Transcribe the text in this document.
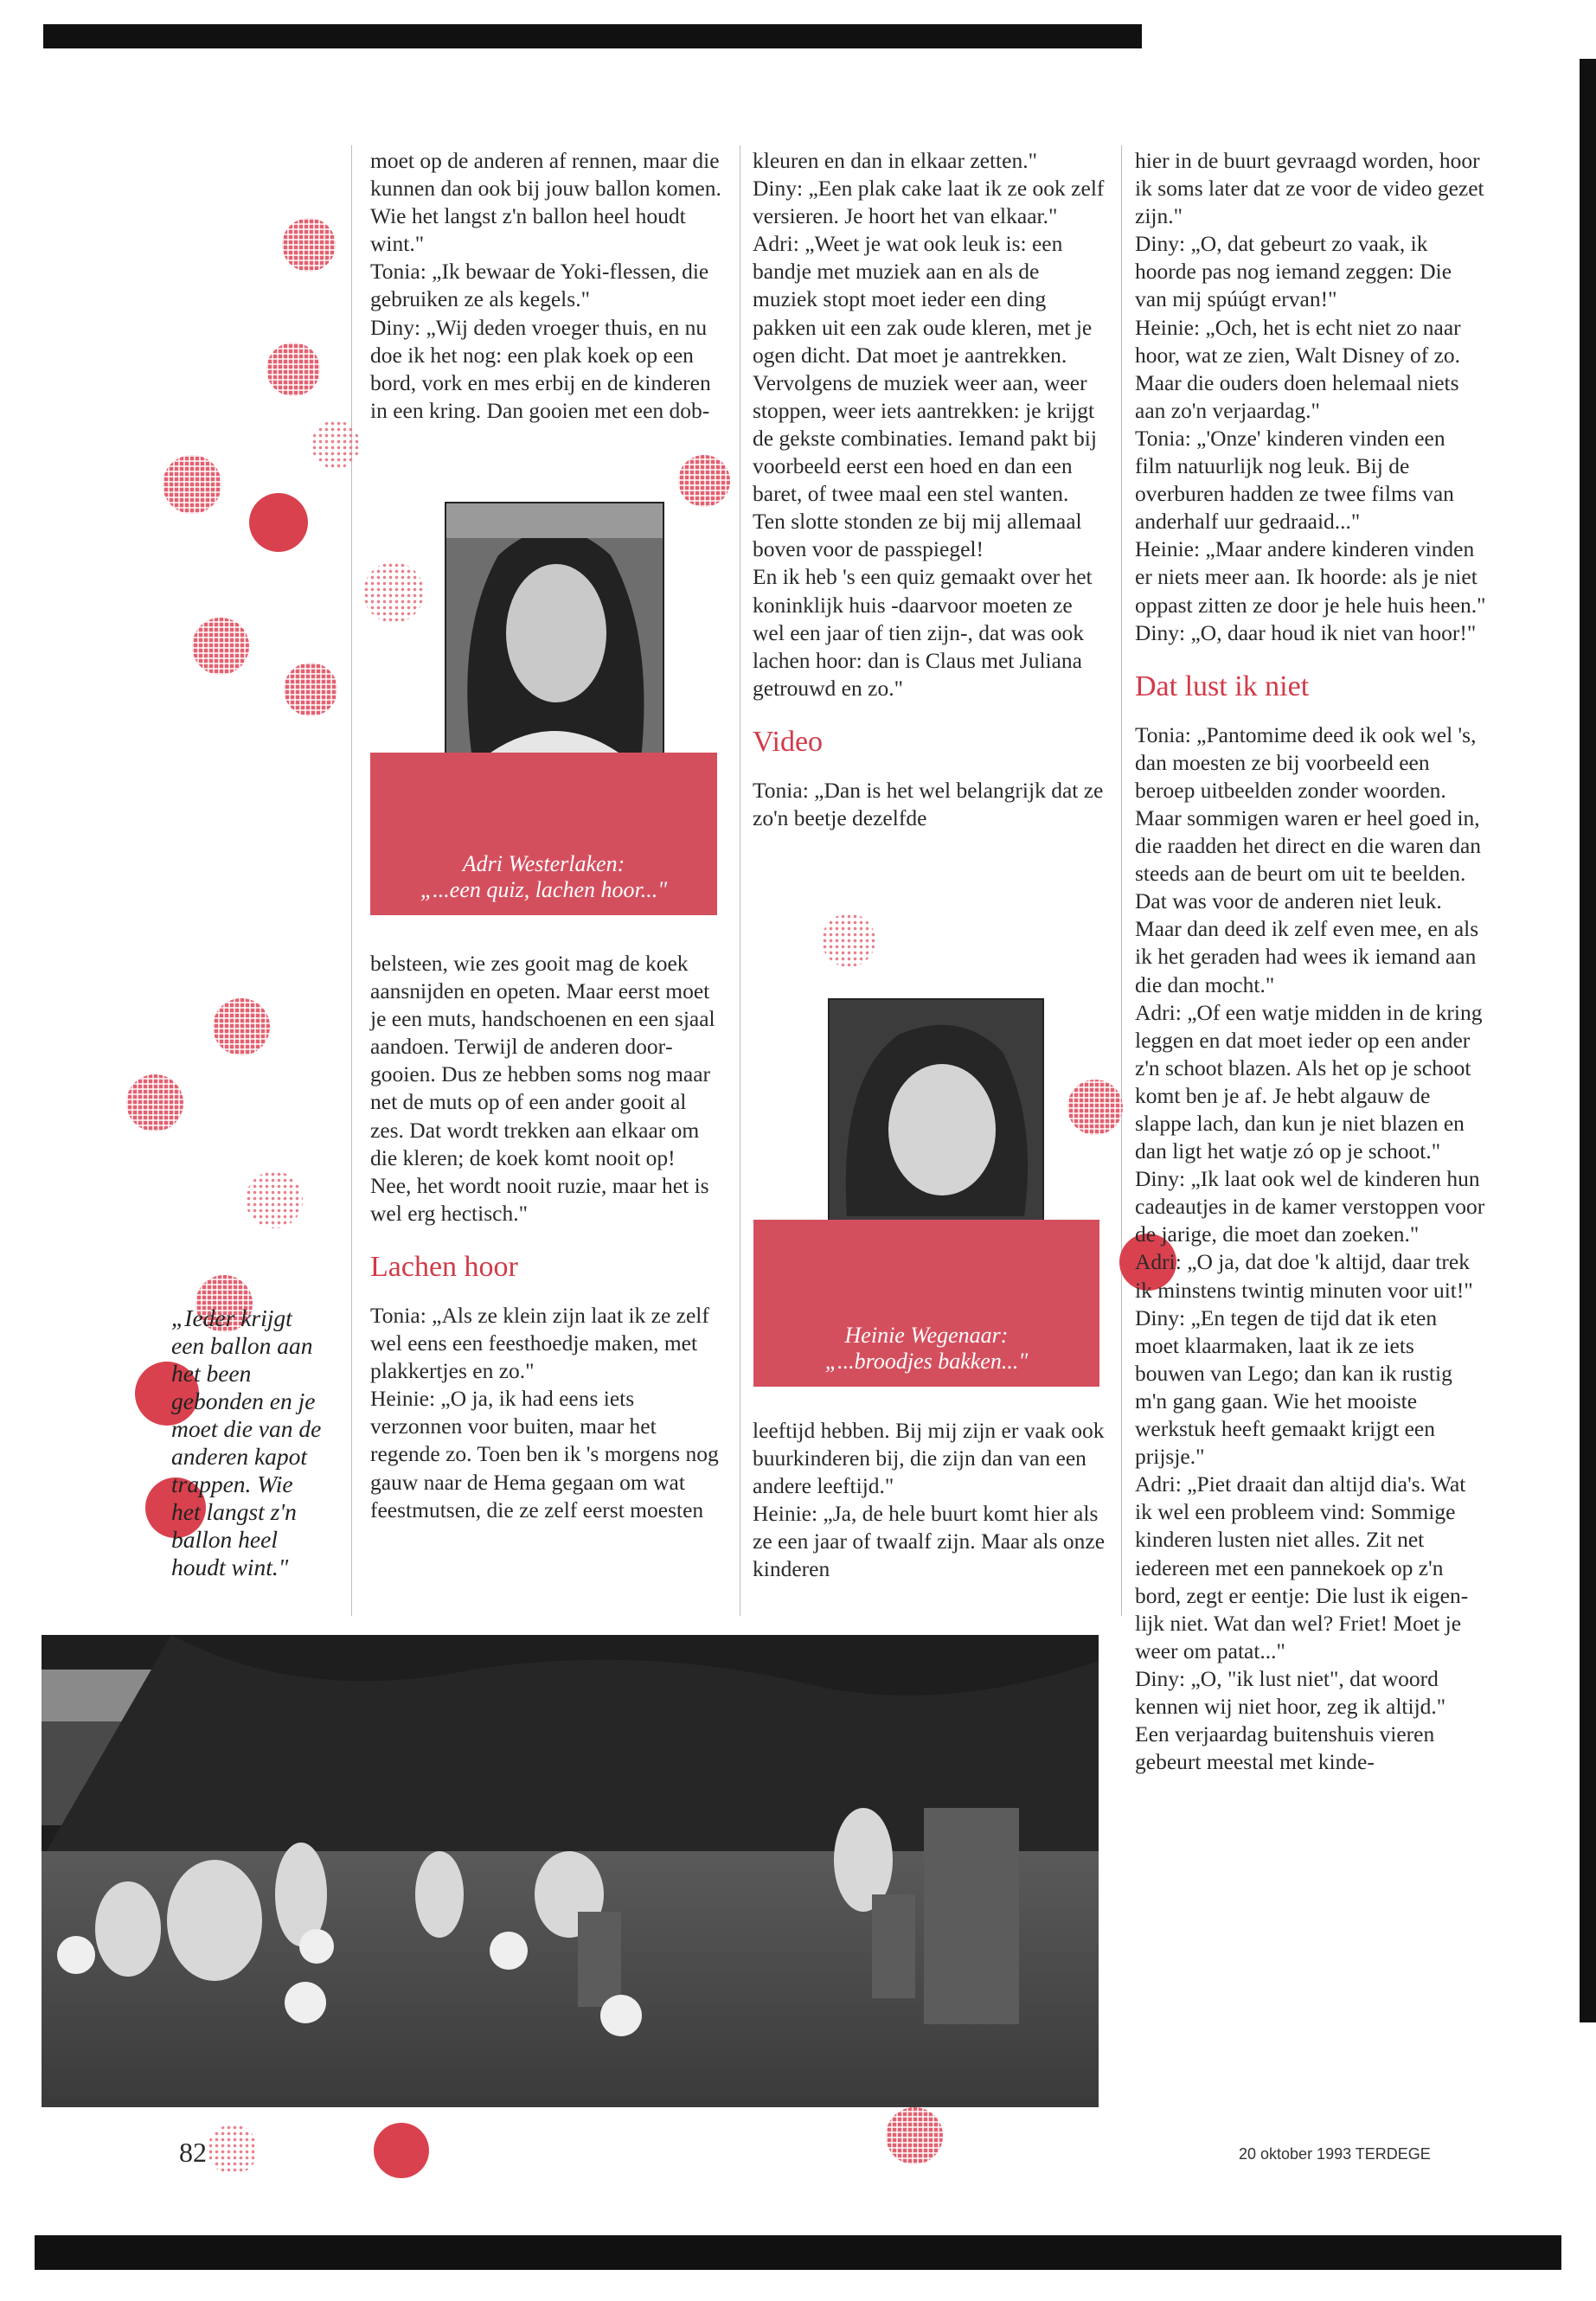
„Ieder krijgt een ballon aan het been gebonden en je moet die van de anderen kapot trappen. Wie het langst z'n ballon heel houdt wint."

moet op de anderen af rennen, maar die kunnen dan ook bij jouw ballon komen. Wie het langst z'n ballon heel houdt wint."

Tonia: „Ik bewaar de Yoki-flessen, die gebruiken ze als kegels."

Diny: „Wij deden vroeger thuis, en nu doe ik het nog: een plak koek op een bord, vork en mes erbij en de kinderen in een kring. Dan gooien met een dob-

Adri Westerlaken:
„...een quiz, lachen hoor..."

belsteen, wie zes gooit mag de koek aansnijden en opeten. Maar eerst moet je een muts, handschoenen en een sjaal aandoen. Terwijl de anderen doorgooien. Dus ze hebben soms nog maar net de muts op of een ander gooit al zes. Dat wordt trekken aan elkaar om die kleren; de koek komt nooit op! Nee, het wordt nooit ruzie, maar het is wel erg hectisch."

Lachen hoor

Tonia: „Als ze klein zijn laat ik ze zelf wel eens een feesthoedje maken, met plakkertjes en zo."

Heinie: „O ja, ik had eens iets verzonnen voor buiten, maar het regende zo. Toen ben ik 's morgens nog gauw naar de Hema gegaan om wat feestmutsen, die ze zelf eerst moesten

kleuren en dan in elkaar zetten."

Diny: „Een plak cake laat ik ze ook zelf versieren. Je hoort het van elkaar."

Adri: „Weet je wat ook leuk is: een bandje met muziek aan en als de muziek stopt moet ieder een ding pakken uit een zak oude kleren, met je ogen dicht. Dat moet je aantrekken. Vervolgens de muziek weer aan, weer stoppen, weer iets aantrekken: je krijgt de gekste combinaties. Iemand pakt bij voorbeeld eerst een hoed en dan een baret, of twee maal een stel wanten. Ten slotte stonden ze bij mij allemaal boven voor de passpiegel!

En ik heb 's een quiz gemaakt over het koninklijk huis -daarvoor moeten ze wel een jaar of tien zijn-, dat was ook lachen hoor: dan is Claus met Juliana getrouwd en zo."

Video

Tonia: „Dan is het wel belangrijk dat ze zo'n beetje dezelfde

Heinie Wegenaar:
„...broodjes bakken..."

leeftijd hebben. Bij mij zijn er vaak ook buurkinderen bij, die zijn dan van een andere leeftijd."

Heinie: „Ja, de hele buurt komt hier als ze een jaar of twaalf zijn. Maar als onze kinderen

hier in de buurt gevraagd worden, hoor ik soms later dat ze voor de video gezet zijn."

Diny: „O, dat gebeurt zo vaak, ik hoorde pas nog iemand zeggen: Die van mij spúúgt ervan!"

Heinie: „Och, het is echt niet zo naar hoor, wat ze zien, Walt Disney of zo. Maar die ouders doen helemaal niets aan zo'n verjaardag."

Tonia: „'Onze' kinderen vinden een film natuurlijk nog leuk. Bij de overburen hadden ze twee films van anderhalf uur gedraaid..."

Heinie: „Maar andere kinderen vinden er niets meer aan. Ik hoorde: als je niet oppast zitten ze door je hele huis heen."

Diny: „O, daar houd ik niet van hoor!"

Dat lust ik niet

Tonia: „Pantomime deed ik ook wel 's, dan moesten ze bij voorbeeld een beroep uitbeelden zonder woorden. Maar sommigen waren er heel goed in, die raadden het direct en die waren dan steeds aan de beurt om uit te beelden. Dat was voor de anderen niet leuk. Maar dan deed ik zelf even mee, en als ik het geraden had wees ik iemand aan die dan mocht."

Adri: „Of een watje midden in de kring leggen en dat moet ieder op een ander z'n schoot blazen. Als het op je schoot komt ben je af. Je hebt algauw de slappe lach, dan kun je niet blazen en dan ligt het watje zó op je schoot."

Diny: „Ik laat ook wel de kinderen hun cadeautjes in de kamer verstoppen voor de jarige, die moet dan zoeken."

Adri: „O ja, dat doe 'k altijd, daar trek ik minstens twintig minuten voor uit!"

Diny: „En tegen de tijd dat ik eten moet klaarmaken, laat ik ze iets bouwen van Lego; dan kan ik rustig m'n gang gaan. Wie het mooiste werkstuk heeft gemaakt krijgt een prijsje."

Adri: „Piet draait dan altijd dia's. Wat ik wel een probleem vind: Sommige kinderen lusten niet alles. Zit net iedereen met een pannekoek op z'n bord, zegt er eentje: Die lust ik eigenlijk niet. Wat dan wel? Friet! Moet je weer om patat..."

Diny: „O, "ik lust niet", dat woord kennen wij niet hoor, zeg ik altijd."

Een verjaardag buitenshuis vieren gebeurt meestal met kinde-

82	20 oktober 1993 TERDEGE
